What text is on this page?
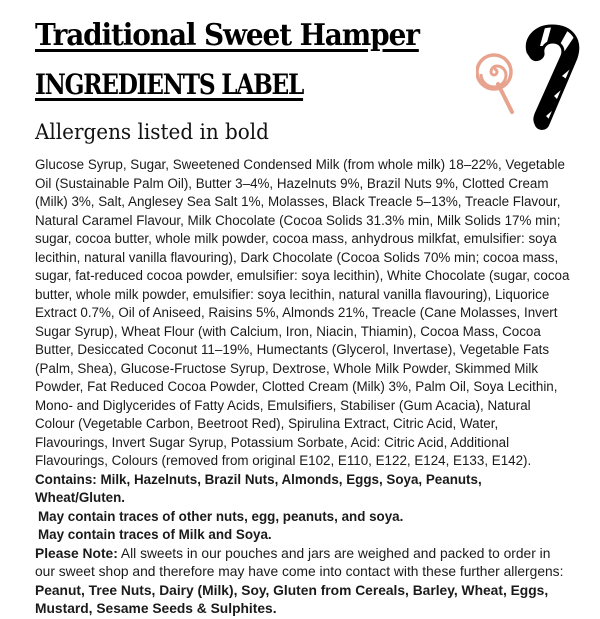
Traditional Sweet Hamper
INGREDIENTS LABEL
Allergens listed in bold

Glucose Syrup, Sugar, Sweetened Condensed Milk (from whole milk) 18–22%, Vegetable Oil (Sustainable Palm Oil), Butter 3–4%, Hazelnuts 9%, Brazil Nuts 9%, Clotted Cream (Milk) 3%, Salt, Anglesey Sea Salt 1%, Molasses, Black Treacle 5–13%, Treacle Flavour, Natural Caramel Flavour, Milk Chocolate (Cocoa Solids 31.3% min, Milk Solids 17% min; sugar, cocoa butter, whole milk powder, cocoa mass, anhydrous milkfat, emulsifier: soya lecithin, natural vanilla flavouring), Dark Chocolate (Cocoa Solids 70% min; cocoa mass, sugar, fat-reduced cocoa powder, emulsifier: soya lecithin), White Chocolate (sugar, cocoa butter, whole milk powder, emulsifier: soya lecithin, natural vanilla flavouring), Liquorice Extract 0.7%, Oil of Aniseed, Raisins 5%, Almonds 21%, Treacle (Cane Molasses, Invert Sugar Syrup), Wheat Flour (with Calcium, Iron, Niacin, Thiamin), Cocoa Mass, Cocoa Butter, Desiccated Coconut 11–19%, Humectants (Glycerol, Invertase), Vegetable Fats (Palm, Shea), Glucose-Fructose Syrup, Dextrose, Whole Milk Powder, Skimmed Milk Powder, Fat Reduced Cocoa Powder, Clotted Cream (Milk) 3%, Palm Oil, Soya Lecithin, Mono- and Diglycerides of Fatty Acids, Emulsifiers, Stabiliser (Gum Acacia), Natural Colour (Vegetable Carbon, Beetroot Red), Spirulina Extract, Citric Acid, Water, Flavourings, Invert Sugar Syrup, Potassium Sorbate, Acid: Citric Acid, Additional Flavourings, Colours (removed from original E102, E110, E122, E124, E133, E142).

Contains: Milk, Hazelnuts, Brazil Nuts, Almonds, Eggs, Soya, Peanuts, Wheat/Gluten.

May contain traces of other nuts, egg, peanuts, and soya.

May contain traces of Milk and Soya.

Please Note: All sweets in our pouches and jars are weighed and packed to order in our sweet shop and therefore may have come into contact with these further allergens: Peanut, Tree Nuts, Dairy (Milk), Soy, Gluten from Cereals, Barley, Wheat, Eggs, Mustard, Sesame Seeds & Sulphites.
